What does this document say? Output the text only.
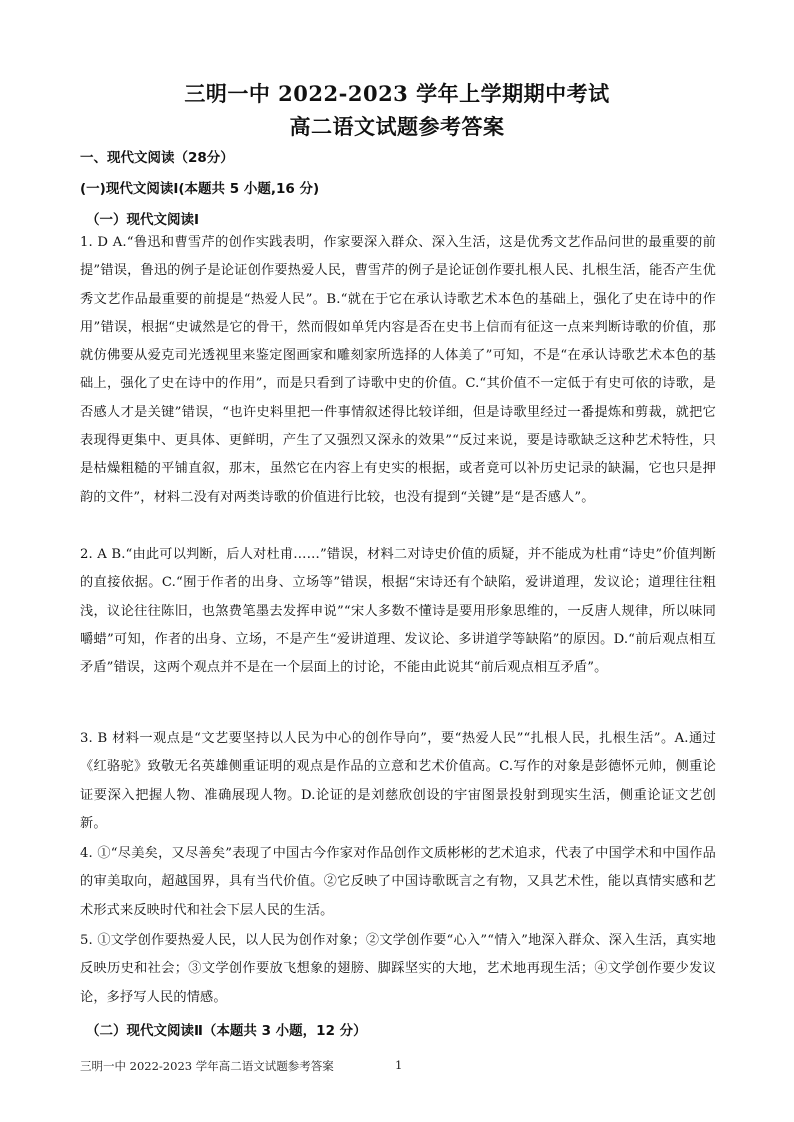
三明一中 2022-2023 学年上学期期中考试
高二语文试题参考答案
一、现代文阅读（28分）
(一)现代文阅读Ⅰ(本题共 5 小题,16 分)
（一）现代文阅读Ⅰ
1. D A.“鲁迅和曹雪芹的创作实践表明，作家要深入群众、深入生活，这是优秀文艺作品问世的最重要的前提”错误，鲁迅的例子是论证创作要热爱人民，曹雪芹的例子是论证创作要扎根人民、扎根生活，能否产生优秀文艺作品最重要的前提是“热爱人民”。B.“就在于它在承认诗歌艺术本色的基础上，强化了史在诗中的作用”错误，根据“史诚然是它的骨干，然而假如单凭内容是否在史书上信而有征这一点来判断诗歌的价值，那就仿佛要从爱克司光透视里来鉴定图画家和雕刻家所选择的人体美了”可知，不是“在承认诗歌艺术本色的基础上，强化了史在诗中的作用”，而是只看到了诗歌中史的价值。C.“其价值不一定低于有史可依的诗歌，是否感人才是关键”错误，“也许史料里把一件事情叙述得比较详细，但是诗歌里经过一番提炼和剪裁，就把它表现得更集中、更具体、更鲜明，产生了又强烈又深永的效果”“反过来说，要是诗歌缺乏这种艺术特性，只是枯燥粗糙的平铺直叙，那末，虽然它在内容上有史实的根据，或者竟可以补历史记录的缺漏，它也只是押韵的文件”，材料二没有对两类诗歌的价值进行比较，也没有提到“关键”是“是否感人”。
2. A B.“由此可以判断，后人对杜甫……”错误，材料二对诗史价值的质疑，并不能成为杜甫“诗史”价值判断的直接依据。C.“囿于作者的出身、立场等”错误，根据“宋诗还有个缺陷，爱讲道理，发议论；道理往往粗浅，议论往往陈旧，也煞费笔墨去发挥申说”“宋人多数不懂诗是要用形象思维的，一反唐人规律，所以味同嚼蜡”可知，作者的出身、立场，不是产生“爱讲道理、发议论、多讲道学等缺陷”的原因。D.“前后观点相互矛盾”错误，这两个观点并不是在一个层面上的讨论，不能由此说其“前后观点相互矛盾”。
3. B 材料一观点是“文艺要坚持以人民为中心的创作导向”，要“热爱人民”“扎根人民，扎根生活”。A.通过《红骆驼》致敬无名英雄侧重证明的观点是作品的立意和艺术价值高。C.写作的对象是彭德怀元帅，侧重论证要深入把握人物、准确展现人物。D.论证的是刘慈欣创设的宇宙图景投射到现实生活，侧重论证文艺创新。
4. ①“尽美矣，又尽善矣”表现了中国古今作家对作品创作文质彬彬的艺术追求，代表了中国学术和中国作品的审美取向，超越国界，具有当代价值。②它反映了中国诗歌既言之有物，又具艺术性，能以真情实感和艺术形式来反映时代和社会下层人民的生活。
5. ①文学创作要热爱人民，以人民为创作对象；②文学创作要“心入”“情入”地深入群众、深入生活，真实地反映历史和社会；③文学创作要放飞想象的翅膀、脚踩坚实的大地，艺术地再现生活；④文学创作要少发议论，多抒写人民的情感。
（二）现代文阅读Ⅱ（本题共 3 小题，12 分）
三明一中 2022-2023 学年高二语文试题参考答案	1
